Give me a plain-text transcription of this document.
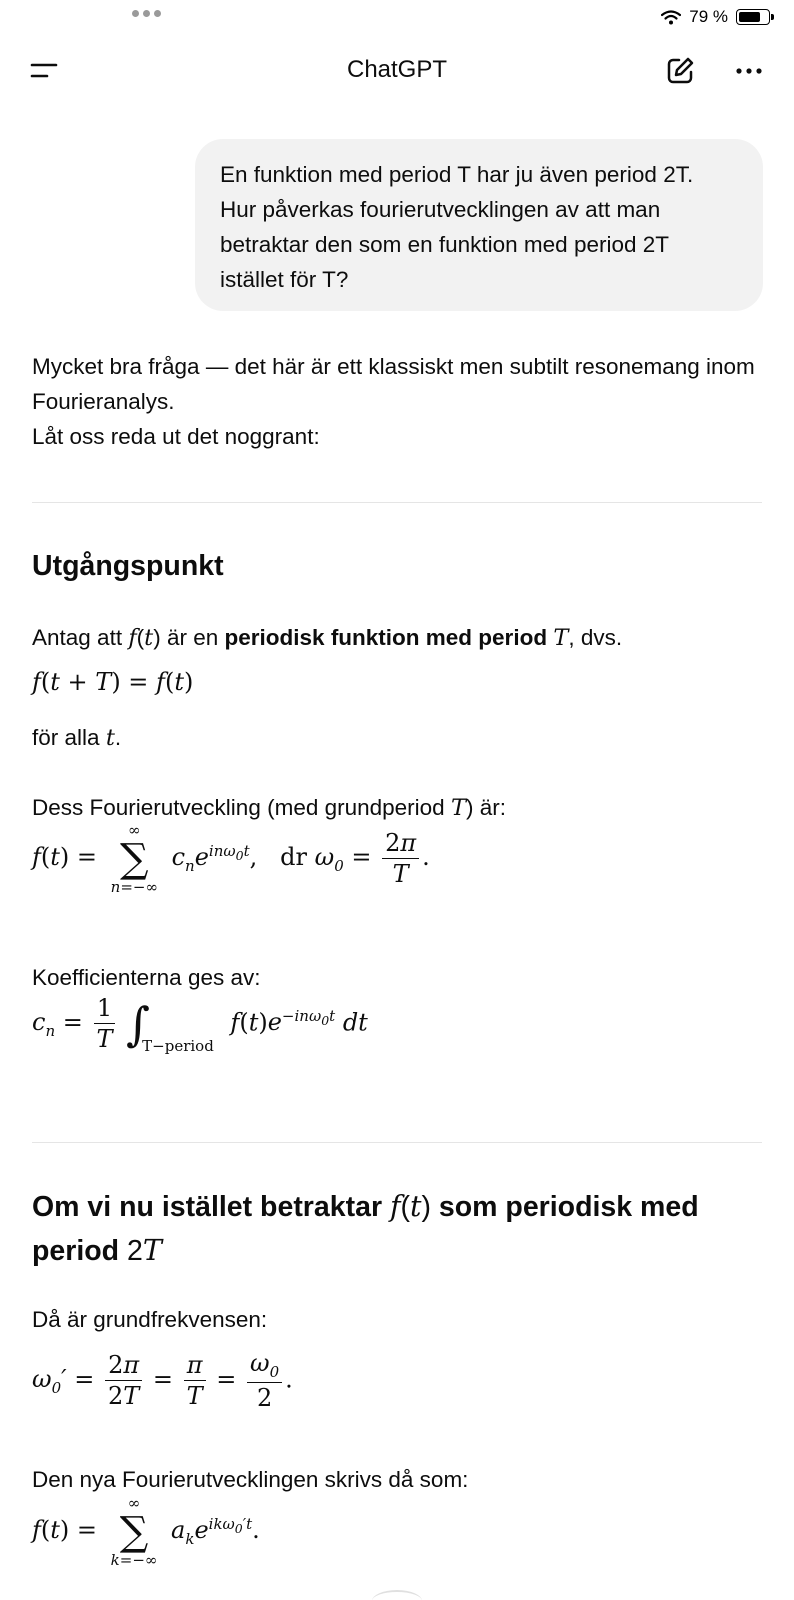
79 %
ChatGPT
En funktion med period T har ju även period 2T. Hur påverkas fourierutvecklingen av att man betraktar den som en funktion med period 2T istället för T?

Mycket bra fråga — det här är ett klassiskt men subtilt resonemang inom Fourieranalys.

Låt oss reda ut det noggrant:

Utgångspunkt
Antag att f(t) är en periodisk funktion med period T, dvs.
f(t + T) = f(t)
för alla t.
Dess Fourierutveckling (med grundperiod T) är:
f(t) =
∞
∑
n=−∞
$c_ne^{in\omega_0t}$,   dr $\omega_0 = \frac{2\pi}{T}$ .
Koefficienterna ges av:
$c_n = \frac{1}{T}$ ∫
T−period
$f(t)e^{-in\omega_0t}$ dt
Om vi nu istället betraktar f(t) som periodisk med period 2T
Då är grundfrekvensen:
$\omega_0' = \frac{2\pi}{2T} = \frac{\pi}{T} = \frac{\omega_0}{2}$ .
Den nya Fourierutvecklingen skrivs då som:
f(t) =
∞
∑
k=−∞
$a_ke^{ik\omega_0't}$.
